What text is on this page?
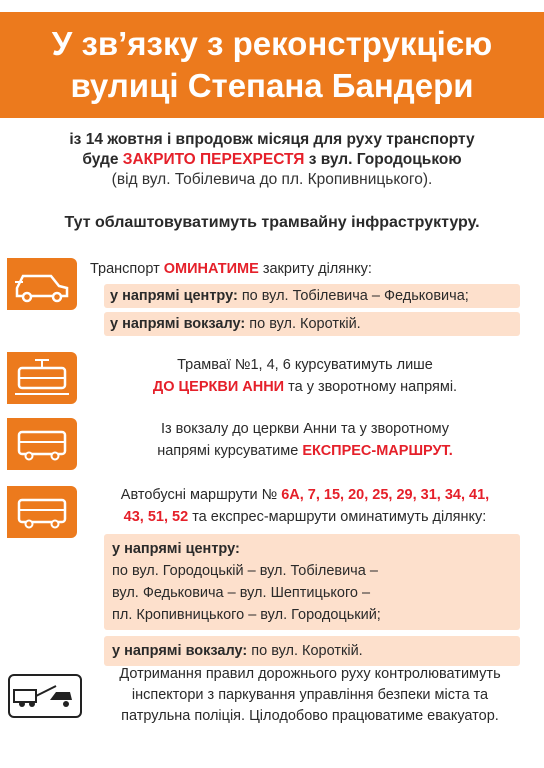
У зв’язку з реконструкцією
вулиці Степана Бандери
із 14 жовтня і впродовж місяця для руху транспорту
буде ЗАКРИТО ПЕРЕХРЕСТЯ з вул. Городоцькою
(від вул. Тобілевича до пл. Кропивницького).
Тут облаштовуватимуть трамвайну інфраструктуру.
Транспорт ОМИНАТИМЕ закриту ділянку:
у напрямі центру: по вул. Тобілевича – Федьковича;
у напрямі вокзалу: по вул. Короткій.
Трамваї №1, 4, 6 курсуватимуть лише
ДО ЦЕРКВИ АННИ та у зворотному напрямі.
Із вокзалу до церкви Анни та у зворотному
напрямі курсуватиме ЕКСПРЕС-МАРШРУТ.
Автобусні маршрути № 6А, 7, 15, 20, 25, 29, 31, 34, 41,
43, 51, 52 та експрес-маршрути оминатимуть ділянку:
у напрямі центру:
по вул. Городоцькій – вул. Тобілевича –
вул. Федьковича – вул. Шептицького –
пл. Кропивницького – вул. Городоцький;
у напрямі вокзалу: по вул. Короткій.
Дотримання правил дорожнього руху контролюватимуть
інспектори з паркування управління безпеки міста та
патрульна поліція. Цілодобово працюватиме евакуатор.
